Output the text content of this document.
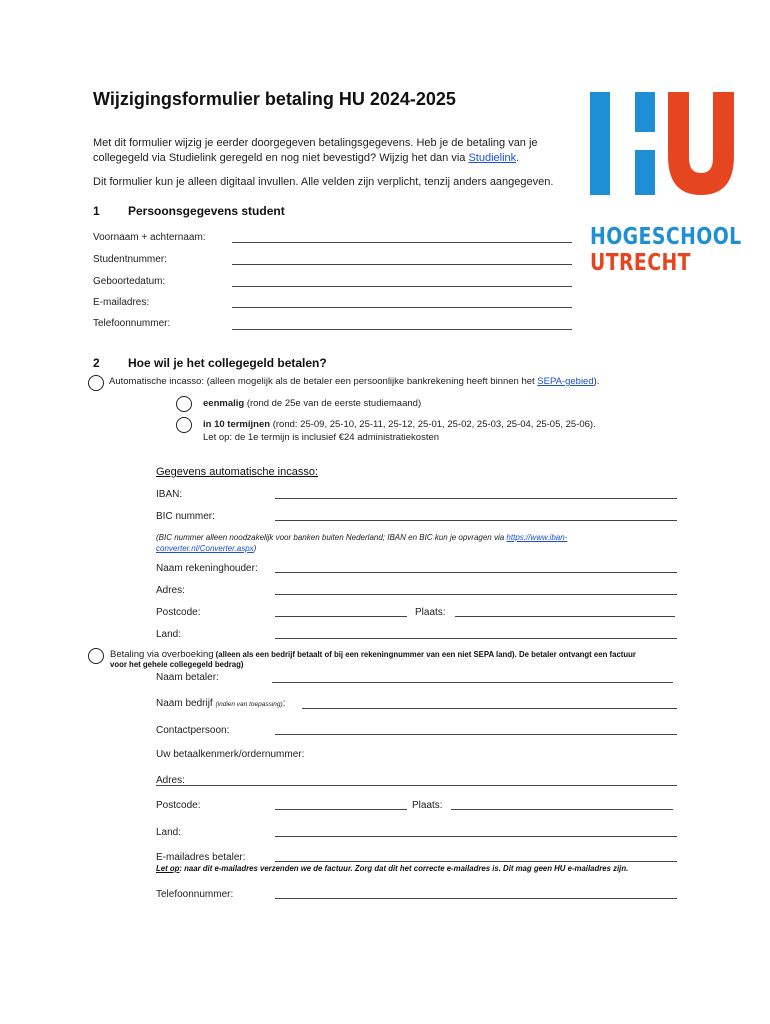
Wijzigingsformulier betaling HU 2024-2025
Met dit formulier wijzig je eerder doorgegeven betalingsgegevens. Heb je de betaling van je
collegegeld via Studielink geregeld en nog niet bevestigd? Wijzig het dan via Studielink.
Dit formulier kun je alleen digitaal invullen. Alle velden zijn verplicht, tenzij anders aangegeven.
HOGESCHOOL
UTRECHT
1 Persoonsgegevens student
Voornaam + achternaam:
Studentnummer:
Geboortedatum:
E-mailadres:
Telefoonnummer:
2 Hoe wil je het collegegeld betalen?
Automatische incasso: (alleen mogelijk als de betaler een persoonlijke bankrekening heeft binnen het SEPA-gebied).
eenmalig (rond de 25e van de eerste studiemaand)
in 10 termijnen (rond: 25-09, 25-10, 25-11, 25-12, 25-01, 25-02, 25-03, 25-04, 25-05, 25-06).
Let op: de 1e termijn is inclusief €24 administratiekosten
Gegevens automatische incasso:
IBAN:
BIC nummer:
(BIC nummer alleen noodzakelijk voor banken buiten Nederland; IBAN en BIC kun je opvragen via https://www.iban-
converter.nl/Converter.aspx)
Naam rekeninghouder:
Adres:
Postcode:	Plaats:
Land:
Betaling via overboeking (alleen als een bedrijf betaalt of bij een rekeningnummer van een niet SEPA land). De betaler ontvangt een factuur
voor het gehele collegegeld bedrag)
Naam betaler:
Naam bedrijf (indien van toepassing):
Contactpersoon:
Uw betaalkenmerk/ordernummer:
Adres:
Postcode:	Plaats:
Land:
E-mailadres betaler:
Let op: naar dit e-mailadres verzenden we de factuur. Zorg dat dit het correcte e-mailadres is. Dit mag geen HU e-mailadres zijn.
Telefoonnummer:
